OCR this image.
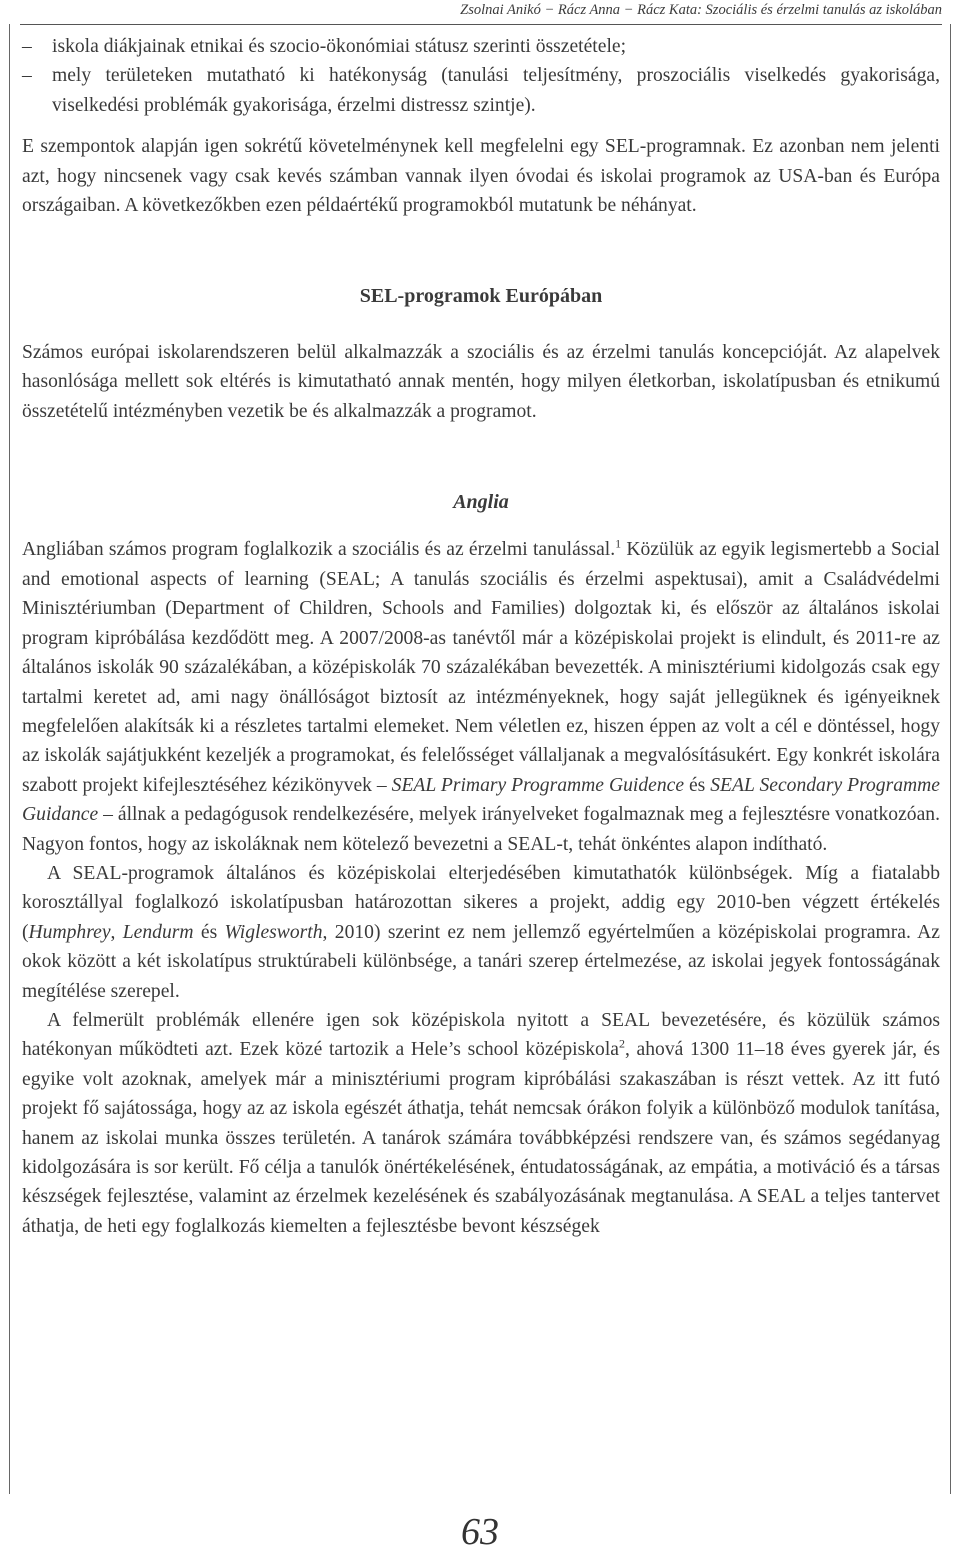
Zsolnai Anikó − Rácz Anna − Rácz Kata: Szociális és érzelmi tanulás az iskolában

– iskola diákjainak etnikai és szocio-ökonómiai státusz szerinti összetétele;

– mely területeken mutatható ki hatékonyság (tanulási teljesítmény, proszociális viselkedés gyakorisága, viselkedési problémák gyakorisága, érzelmi distressz szintje).

E szempontok alapján igen sokrétű követelménynek kell megfelelni egy SEL-programnak. Ez azonban nem jelenti azt, hogy nincsenek vagy csak kevés számban vannak ilyen óvodai és iskolai programok az USA-ban és Európa országaiban. A következőkben ezen példaértékű programokból mutatunk be néhányat.

SEL-programok Európában

Számos európai iskolarendszeren belül alkalmazzák a szociális és az érzelmi tanulás koncepcióját. Az alapelvek hasonlósága mellett sok eltérés is kimutatható annak mentén, hogy milyen életkorban, iskolatípusban és etnikumú összetételű intézményben vezetik be és alkalmazzák a programot.

Anglia

Angliában számos program foglalkozik a szociális és az érzelmi tanulással.$^1$ Közülük az egyik legismertebb a Social and emotional aspects of learning (SEAL; A tanulás szociális és érzelmi aspektusai), amit a Családvédelmi Minisztériumban (Department of Children, Schools and Families) dolgoztak ki, és először az általános iskolai program kipróbálása kezdődött meg. A 2007/2008-as tanévtől már a középiskolai projekt is elindult, és 2011-re az általános iskolák 90 százalékában, a középiskolák 70 százalékában bevezették. A minisztériumi kidolgozás csak egy tartalmi keretet ad, ami nagy önállóságot biztosít az intézményeknek, hogy saját jellegüknek és igényeiknek megfelelően alakítsák ki a részletes tartalmi elemeket. Nem véletlen ez, hiszen éppen az volt a cél e döntéssel, hogy az iskolák sajátjukként kezeljék a programokat, és felelősséget vállaljanak a megvalósításukért. Egy konkrét iskolára szabott projekt kifejlesztéséhez kézikönyvek – SEAL Primary Programme Guidence és SEAL Secondary Programme Guidance – állnak a pedagógusok rendelkezésére, melyek irányelveket fogalmaznak meg a fejlesztésre vonatkozóan. Nagyon fontos, hogy az iskoláknak nem kötelező bevezetni a SEAL-t, tehát önkéntes alapon indítható.

A SEAL-programok általános és középiskolai elterjedésében kimutathatók különbségek. Míg a fiatalabb korosztállyal foglalkozó iskolatípusban határozottan sikeres a projekt, addig egy 2010-ben végzett értékelés (Humphrey, Lendurm és Wiglesworth, 2010) szerint ez nem jellemző egyértelműen a középiskolai programra. Az okok között a két iskolatípus struktúrabeli különbsége, a tanári szerep értelmezése, az iskolai jegyek fontosságának megítélése szerepel.

A felmerült problémák ellenére igen sok középiskola nyitott a SEAL bevezetésére, és közülük számos hatékonyan működteti azt. Ezek közé tartozik a Hele’s school középiskola$^2$, ahová 1300 11–18 éves gyerek jár, és egyike volt azoknak, amelyek már a minisztériumi program kipróbálási szakaszában is részt vettek. Az itt futó projekt fő sajátossága, hogy az az iskola egészét áthatja, tehát nemcsak órákon folyik a különböző modulok tanítása, hanem az iskolai munka összes területén. A tanárok számára továbbképzési rendszere van, és számos segédanyag kidolgozására is sor került. Fő célja a tanulók önértékelésének, éntudatosságának, az empátia, a motiváció és a társas készségek fejlesztése, valamint az érzelmek kezelésének és szabályozásának megtanulása. A SEAL a teljes tantervet áthatja, de heti egy foglalkozás kiemelten a fejlesztésbe bevont készségek

63
